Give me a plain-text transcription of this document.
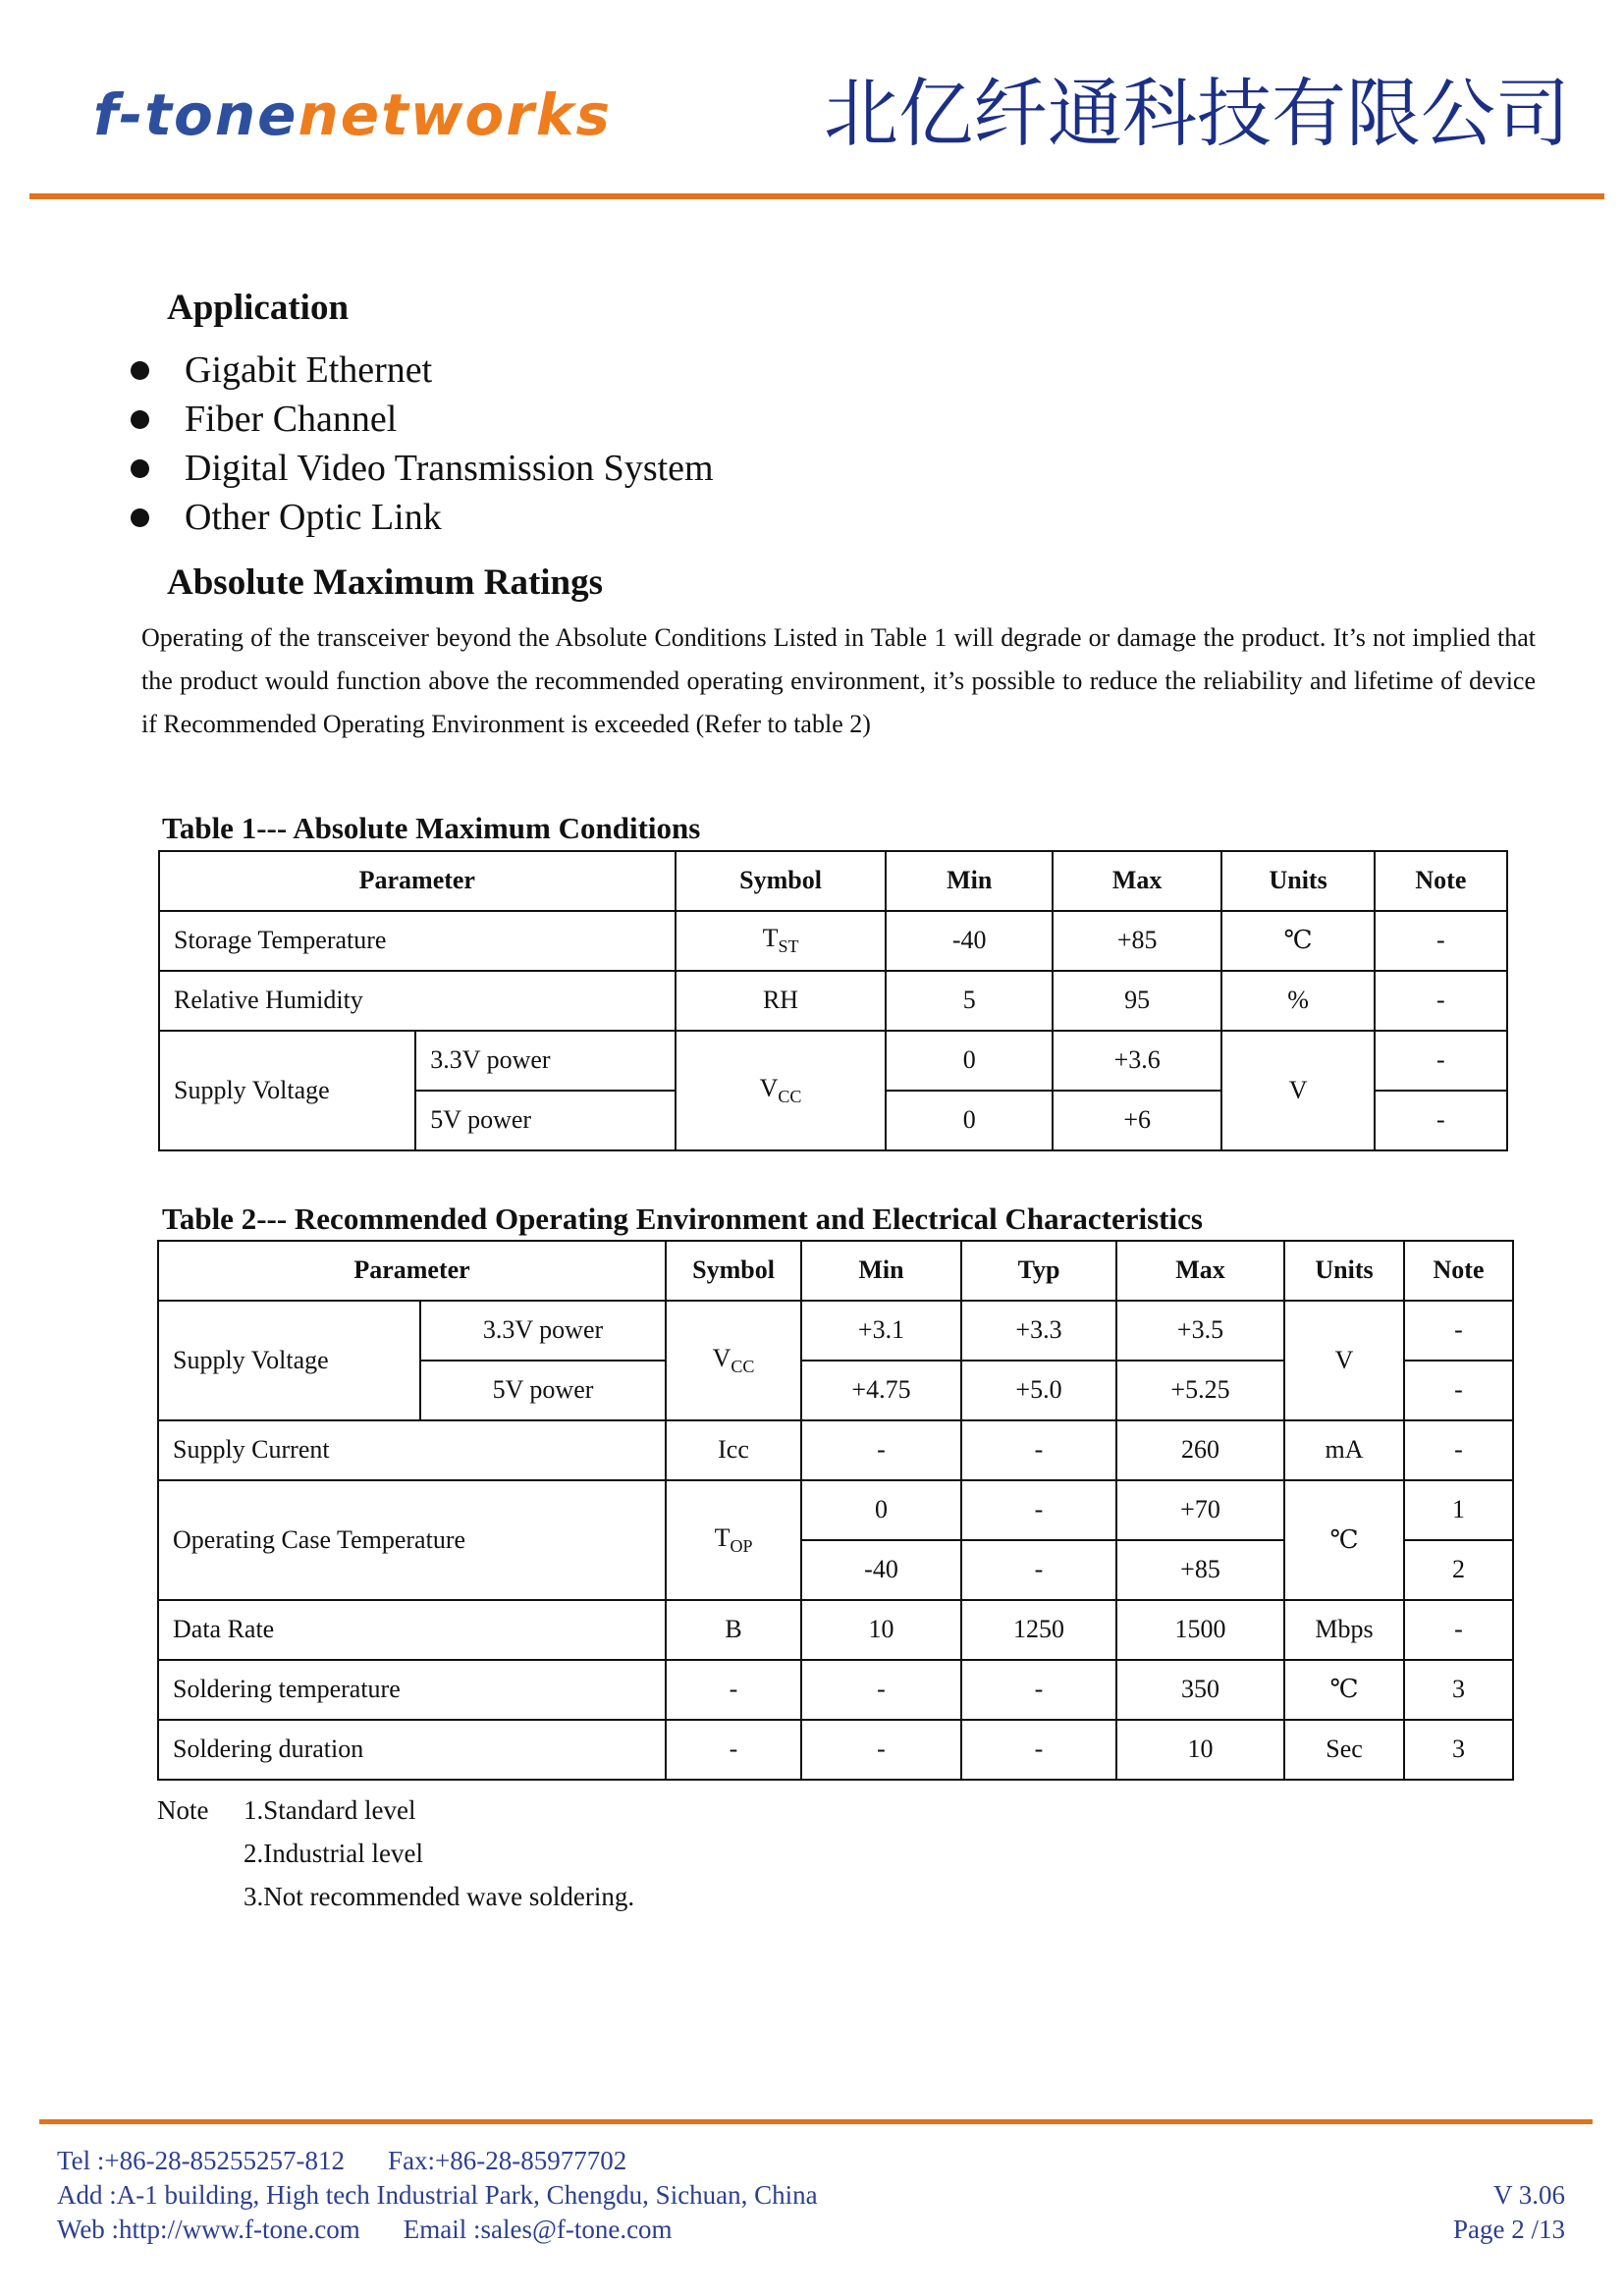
f-tonenetworks	北亿纤通科技有限公司
Application
Gigabit Ethernet
Fiber Channel
Digital Video Transmission System
Other Optic Link
Absolute Maximum Ratings
Operating of the transceiver beyond the Absolute Conditions Listed in Table 1 will degrade or damage the product. It’s not implied that the product would function above the recommended operating environment, it’s possible to reduce the reliability and lifetime of device if Recommended Operating Environment is exceeded (Refer to table 2)
Table 1--- Absolute Maximum Conditions
Parameter		Symbol	Min	Max	Units	Note
Storage Temperature		$T_{ST}$	-40	+85	℃	-
Relative Humidity		RH	5	95	%	-
Supply Voltage	3.3V power	$V_{CC}$	0	+3.6	V	-
	5V power		0	+6		-
Table 2--- Recommended Operating Environment and Electrical Characteristics
Parameter		Symbol	Min	Typ	Max	Units	Note
Supply Voltage	3.3V power	$V_{CC}$	+3.1	+3.3	+3.5	V	-
	5V power		+4.75	+5.0	+5.25		-
Supply Current		Icc	-	-	260	mA	-
Operating Case Temperature		$T_{OP}$	0	-	+70	℃	1
			-40	-	+85		2
Data Rate		B	10	1250	1500	Mbps	-
Soldering temperature		-	-	-	350	℃	3
Soldering duration		-	-	-	10	Sec	3
Note 1.Standard level
2.Industrial level
3.Not recommended wave soldering.
Tel :+86-28-85255257-812 Fax:+86-28-85977702
Add :A-1 building, High tech Industrial Park, Chengdu, Sichuan, China
Web :http://www.f-tone.com Email :sales@f-tone.com
V 3.06
Page 2 /13
